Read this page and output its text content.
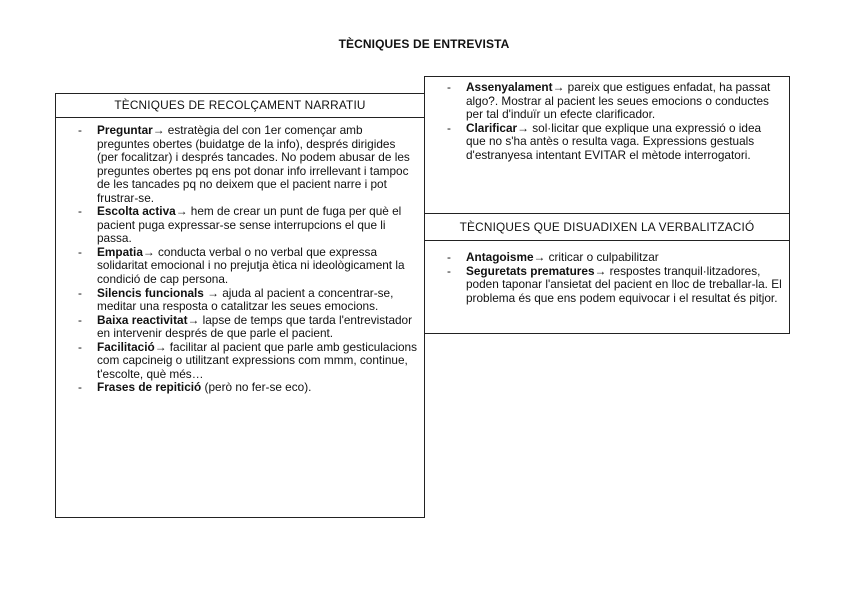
TÈCNIQUES DE ENTREVISTA
TÈCNIQUES DE RECOLÇAMENT NARRATIU
- Preguntar→ estratègia del con 1er començar amb preguntes obertes (buidatge de la info), després dirigides (per focalitzar) i després tancades. No podem abusar de les preguntes obertes pq ens pot donar info irrellevant i tampoc de les tancades pq no deixem que el pacient narre i pot frustrar-se.
- Escolta activa→ hem de crear un punt de fuga per què el pacient puga expressar-se sense interrupcions el que li passa.
- Empatia→ conducta verbal o no verbal que expressa solidaritat emocional i no prejutja ètica ni ideològicament la condició de cap persona.
- Silencis funcionals → ajuda al pacient a concentrar-se, meditar una resposta o catalitzar les seues emocions.
- Baixa reactivitat→ lapse de temps que tarda l'entrevistador en intervenir després de que parle el pacient.
- Facilitació→ facilitar al pacient que parle amb gesticulacions com capcineig o utilitzant expressions com mmm, continue, t'escolte, què més…
- Frases de repitició (però no fer-se eco).
- Assenyalament→ pareix que estigues enfadat, ha passat algo?. Mostrar al pacient les seues emocions o conductes per tal d'induïr un efecte clarificador.
- Clarificar→ sol·licitar que explique una expressió o idea que no s'ha antès o resulta vaga. Expressions gestuals d'estranyesa intentant EVITAR el mètode interrogatori.
TÈCNIQUES QUE DISUADIXEN LA VERBALITZACIÓ
- Antagoisme→ criticar o culpabilitzar
- Seguretats prematures→ respostes tranquil·litzadores, poden taponar l'ansietat del pacient en lloc de treballar-la. El problema és que ens podem equivocar i el resultat és pitjor.
